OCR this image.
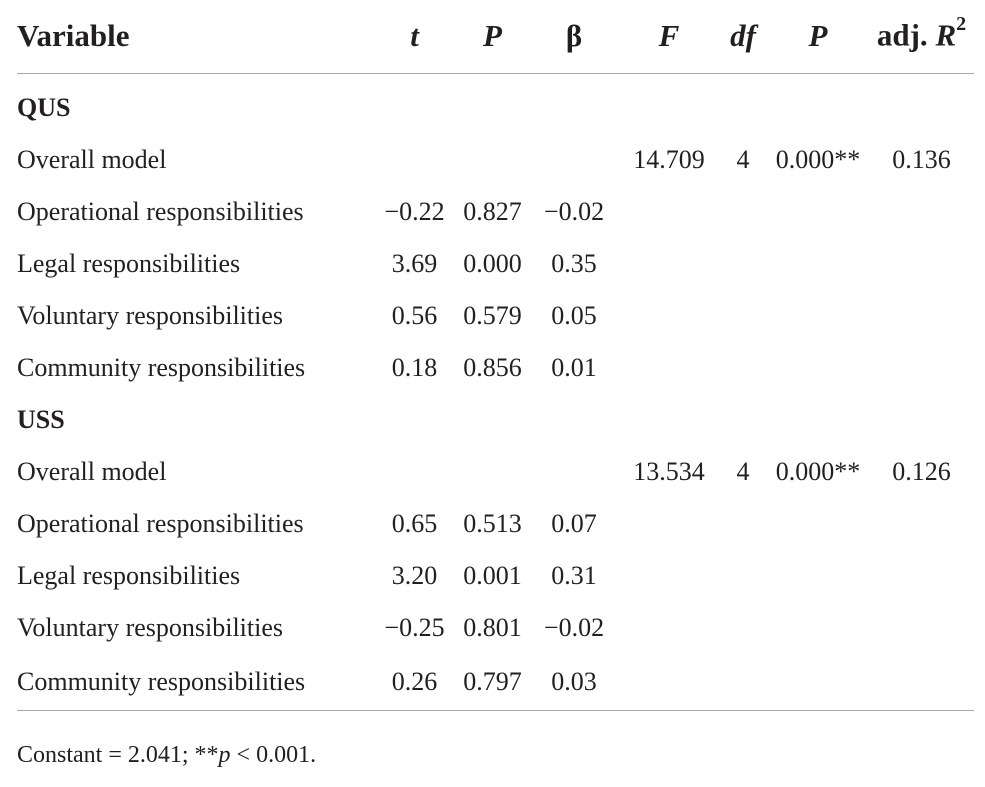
Variable	t	P	β	F	df	P	adj. $R^2$
QUS							
Overall model				14.709	4	0.000**	0.136
Operational responsibilities	−0.22	0.827	−0.02				
Legal responsibilities	3.69	0.000	0.35				
Voluntary responsibilities	0.56	0.579	0.05				
Community responsibilities	0.18	0.856	0.01				
USS							
Overall model				13.534	4	0.000**	0.126
Operational responsibilities	0.65	0.513	0.07				
Legal responsibilities	3.20	0.001	0.31				
Voluntary responsibilities	−0.25	0.801	−0.02				
Community responsibilities	0.26	0.797	0.03				
Constant = 2.041; **p < 0.001.
